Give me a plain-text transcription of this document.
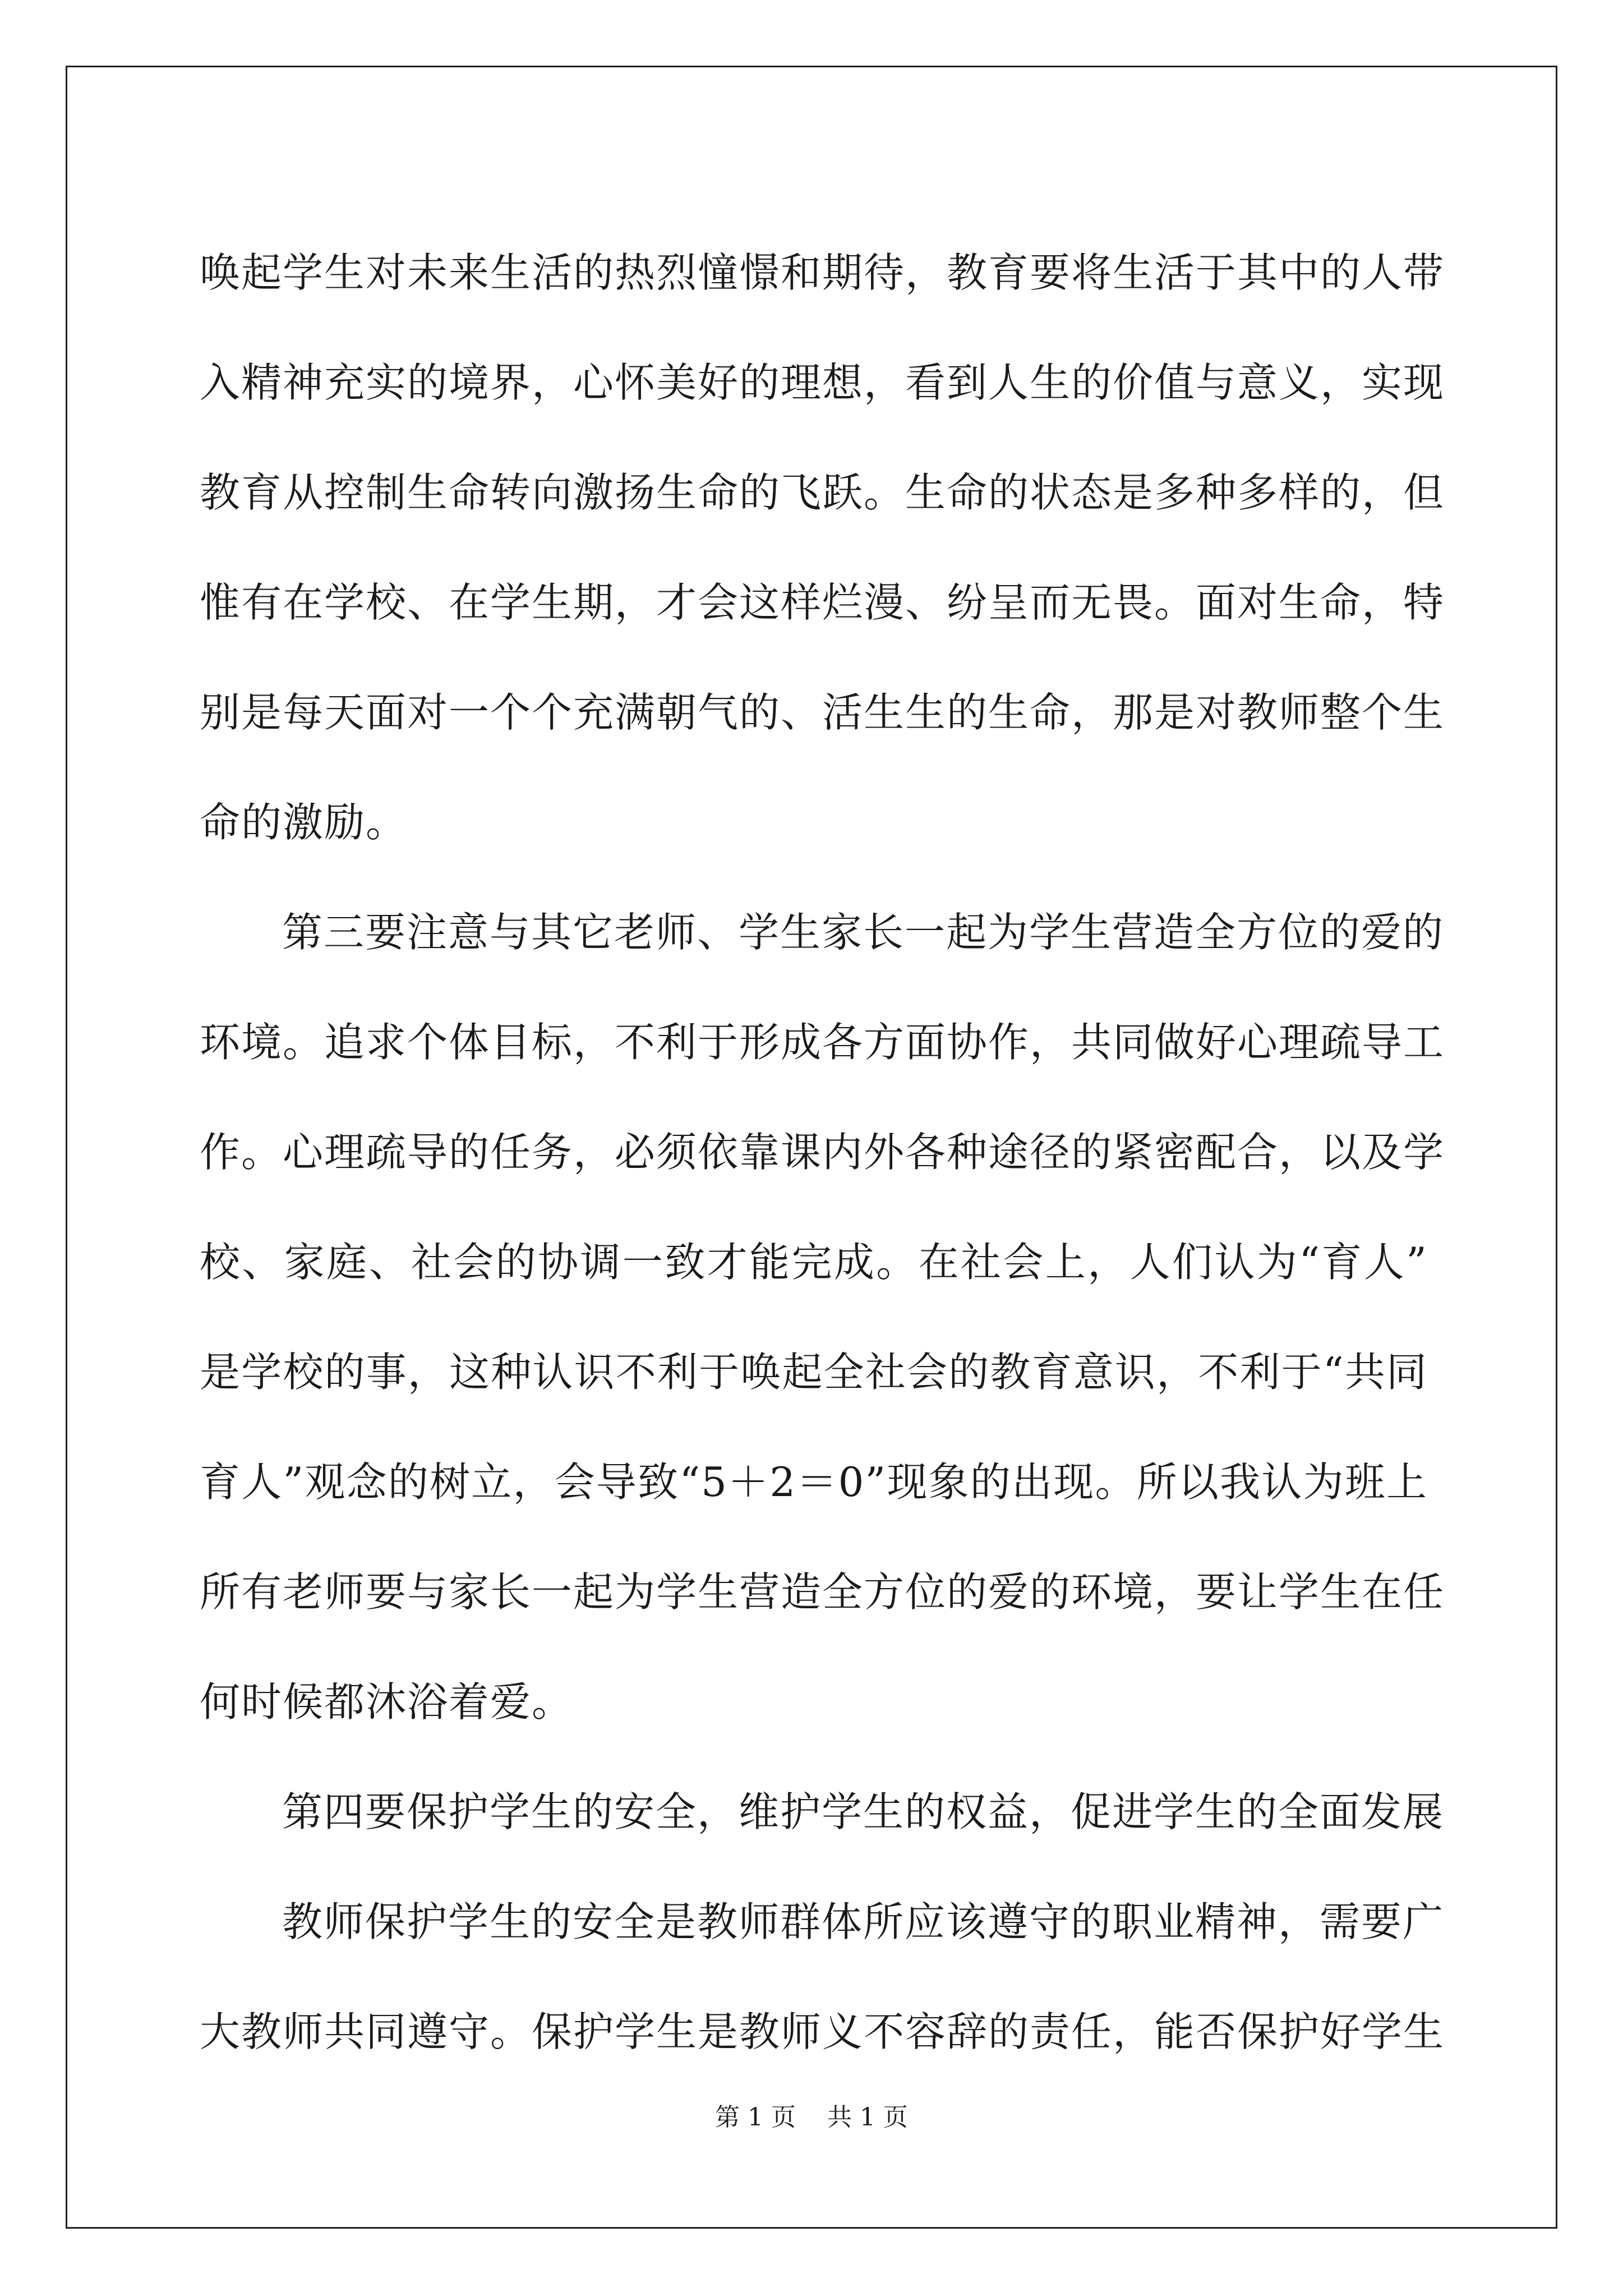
唤起学生对未来生活的热烈憧憬和期待，教育要将生活于其中的人带
入精神充实的境界，心怀美好的理想，看到人生的价值与意义，实现
教育从控制生命转向激扬生命的飞跃。生命的状态是多种多样的，但
惟有在学校、在学生期，才会这样烂漫、纷呈而无畏。面对生命，特
别是每天面对一个个充满朝气的、活生生的生命，那是对教师整个生
命的激励。
第三要注意与其它老师、学生家长一起为学生营造全方位的爱的
环境。追求个体目标，不利于形成各方面协作，共同做好心理疏导工
作。心理疏导的任务，必须依靠课内外各种途径的紧密配合，以及学
校、家庭、社会的协调一致才能完成。在社会上，人们认为“育人”
是学校的事，这种认识不利于唤起全社会的教育意识，不利于“共同
育人”观念的树立，会导致“5＋2＝0”现象的出现。所以我认为班上
所有老师要与家长一起为学生营造全方位的爱的环境，要让学生在任
何时候都沐浴着爱。
第四要保护学生的安全，维护学生的权益，促进学生的全面发展
教师保护学生的安全是教师群体所应该遵守的职业精神，需要广
大教师共同遵守。保护学生是教师义不容辞的责任，能否保护好学生
第 1 页    共 1 页
